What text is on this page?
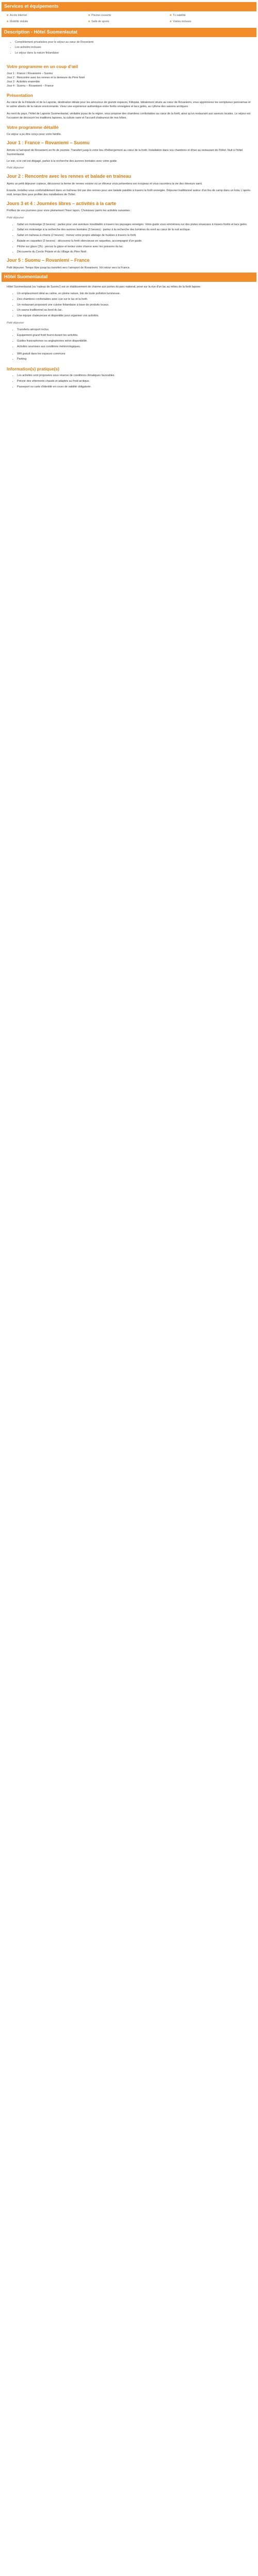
Services et équipements
■ Accès internet	■ Piscine couverte	■ Tv satellite
■ Mobilité réduite	■ Salle de sports	■ Visites incluses
Description - Hôtel Suomenlautat
• Complètement privatisées pour le séjour au cœur de Rovaniemi
• Les activités incluses
• Le séjour dans la nature finlandaise
Votre programme en un coup d'œil
Jour 1 : France / Rovaniemi – Suomu
Jour 2 : Rencontre avec les rennes et la demeure du Père Noël
Jour 3 : Activités ensemble
Jour 4 : Suomu – Rovaniemi – France
Présentation

Au cœur de la Finlande et de la Laponie, destination idéale pour les amoureux de grands espaces, Kiilopää. Idéalement située au cœur de Rovaniemi, vous apprécierez les somptueux panoramas et le calme absolu de la nature environnante. Vivez une expérience authentique entre forêts enneigées et lacs gelés, au rythme des saisons arctiques.

Au nord du pays, l'hôtel de Laponie Suomenlautat, véritable joyau de la région, vous propose des chambres confortables au cœur de la forêt, ainsi qu'un restaurant aux saveurs locales. Le séjour est l'occasion de découvrir les traditions lapones, la culture sami et l'accueil chaleureux de nos hôtes.

Votre programme détaillé

Ce séjour a pu être conçu pour votre famille.

Jour 1 : France – Rovaniemi – Suomu

Arrivée à l'aéroport de Rovaniemi en fin de journée. Transfert jusqu'à votre lieu d'hébergement au cœur de la forêt. Installation dans vos chambres et dîner au restaurant de l'hôtel. Nuit à l'hôtel Suomenlautat.

Le soir, si le ciel est dégagé, partez à la recherche des aurores boréales avec votre guide.

Petit déjeuner

Jour 2 : Rencontre avec les rennes et balade en traîneau

Après un petit déjeuner copieux, découvrez la ferme de rennes voisine où un éleveur vous présentera son troupeau et vous racontera la vie des éleveurs sami.

Ensuite, installez-vous confortablement dans un traîneau tiré par des rennes pour une balade paisible à travers la forêt enneigée. Déjeuner traditionnel autour d'un feu de camp dans un kota. L'après-midi, temps libre pour profiter des installations de l'hôtel.

Jours 3 et 4 : Journées libres – activités à la carte

Profitez de vos journées pour vivre pleinement l'hiver lapon. Choisissez parmi les activités suivantes :

Petit déjeuner

• Safari en motoneige (3 heures) : partez pour une aventure inoubliable à travers les paysages enneigés. Votre guide vous emmènera sur des pistes sinueuses à travers forêts et lacs gelés.
• Safari en motoneige à la recherche des aurores boréales (3 heures) : partez à la recherche des lumières du nord au cœur de la nuit arctique.
• Safari en traîneau à chiens (2 heures) : menez votre propre attelage de huskies à travers la forêt.
• Balade en raquettes (2 heures) : découvrez la forêt silencieuse en raquettes, accompagné d'un guide.
• Pêche sur glace (2h) : percez la glace et tentez votre chance avec les poissons du lac.
• Découverte du Cercle Polaire et du Village du Père Noël.
Jour 5 : Suomu – Rovaniemi – France

Petit déjeuner. Temps libre jusqu'au transfert vers l'aéroport de Rovaniemi. Vol retour vers la France.

Hôtel Suomenlautat

Hôtel Suomenlautat (ou 'radeau de Suomu') est un établissement de charme aux portes du parc national, posé sur la rive d'un lac au milieu de la forêt lapone.

• Un emplacement idéal au calme, en pleine nature, loin de toute pollution lumineuse.
• Des chambres confortables avec vue sur le lac et la forêt.
• Un restaurant proposant une cuisine finlandaise à base de produits locaux.
• Un sauna traditionnel au bord du lac.
• Une équipe chaleureuse et disponible pour organiser vos activités.

Petit déjeuner

• Transferts aéroport inclus.
• Équipement grand froid fourni durant les activités.
• Guides francophones ou anglophones selon disponibilité.
• Activités soumises aux conditions météorologiques.
• Wifi gratuit dans les espaces communs
• Parking
Information(s) pratique(s)
• Les activités sont proposées sous réserve de conditions climatiques favorables.
• Prévoir des vêtements chauds et adaptés au froid arctique.
• Passeport ou carte d'identité en cours de validité obligatoire.
